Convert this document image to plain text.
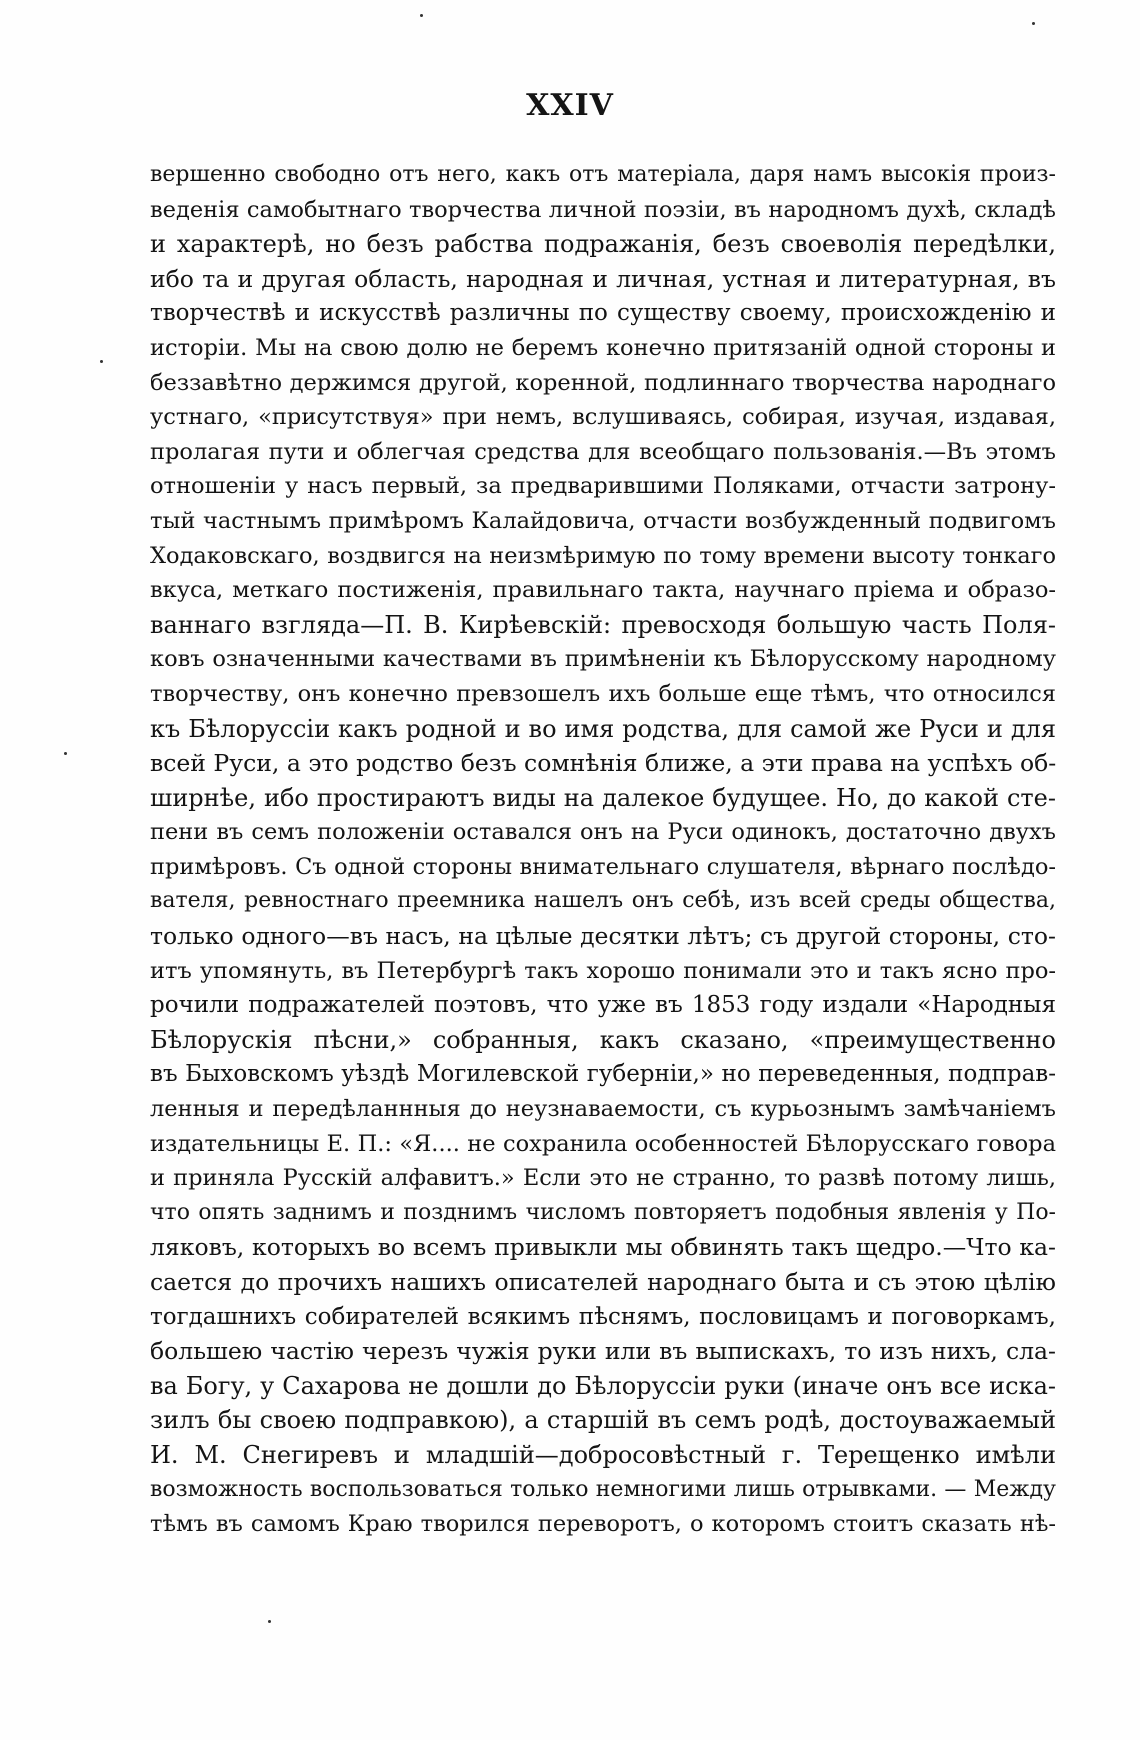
XXIV
вершенно свободно отъ него, какъ отъ матеріала, даря намъ высокія произ-
веденія самобытнаго творчества личной поэзіи, въ народномъ духѣ, складѣ
и характерѣ, но безъ рабства подражанія, безъ своеволія передѣлки,
ибо та и другая область, народная и личная, устная и литературная, въ
творчествѣ и искусствѣ различны по существу своему, происхожденію и
исторіи. Мы на свою долю не беремъ конечно притязаній одной стороны и
беззавѣтно держимся другой, коренной, подлиннаго творчества народнаго
устнаго, «присутствуя» при немъ, вслушиваясь, собирая, изучая, издавая,
пролагая пути и облегчая средства для всеобщаго пользованія.—Въ этомъ
отношеніи у насъ первый, за предварившими Поляками, отчасти затрону-
тый частнымъ примѣромъ Калайдовича, отчасти возбужденный подвигомъ
Ходаковскаго, воздвигся на неизмѣримую по тому времени высоту тонкаго
вкуса, меткаго постиженія, правильнаго такта, научнаго пріема и образо-
ваннаго взгляда—П. В. Кирѣевскій: превосходя большую часть Поля-
ковъ означенными качествами въ примѣненіи къ Бѣлорусскому народному
творчеству, онъ конечно превзошелъ ихъ больше еще тѣмъ, что относился
къ Бѣлоруссіи какъ родной и во имя родства, для самой же Руси и для
всей Руси, а это родство безъ сомнѣнія ближе, а эти права на успѣхъ об-
ширнѣе, ибо простираютъ виды на далекое будущее. Но, до какой сте-
пени въ семъ положеніи оставался онъ на Руси одинокъ, достаточно двухъ
примѣровъ. Съ одной стороны внимательнаго слушателя, вѣрнаго послѣдо-
вателя, ревностнаго преемника нашелъ онъ себѣ, изъ всей среды общества,
только одного—въ насъ, на цѣлые десятки лѣтъ; съ другой стороны, сто-
итъ упомянуть, въ Петербургѣ такъ хорошо понимали это и такъ ясно про-
рочили подражателей поэтовъ, что уже въ 1853 году издали «Народныя
Бѣлорускія пѣсни,» собранныя, какъ сказано, «преимущественно
въ Быховскомъ уѣздѣ Могилевской губерніи,» но переведенныя, подправ-
ленныя и передѣланнныя до неузнаваемости, съ курьознымъ замѣчаніемъ
издательницы Е. П.: «Я.... не сохранила особенностей Бѣлорусскаго говора
и приняла Русскій алфавитъ.» Если это не странно, то развѣ потому лишь,
что опять заднимъ и позднимъ числомъ повторяетъ подобныя явленія у По-
ляковъ, которыхъ во всемъ привыкли мы обвинять такъ щедро.—Что ка-
сается до прочихъ нашихъ описателей народнаго быта и съ этою цѣлію
тогдашнихъ собирателей всякимъ пѣснямъ, пословицамъ и поговоркамъ,
большею частію черезъ чужія руки или въ выпискахъ, то изъ нихъ, сла-
ва Богу, у Сахарова не дошли до Бѣлоруссіи руки (иначе онъ все иска-
зилъ бы своею подправкою), а старшій въ семъ родѣ, достоуважаемый
И. М. Снегиревъ и младшій—добросовѣстный г. Терещенко имѣли
возможность воспользоваться только немногими лишь отрывками. — Между
тѣмъ въ самомъ Краю творился переворотъ, о которомъ стоитъ сказать нѣ-
